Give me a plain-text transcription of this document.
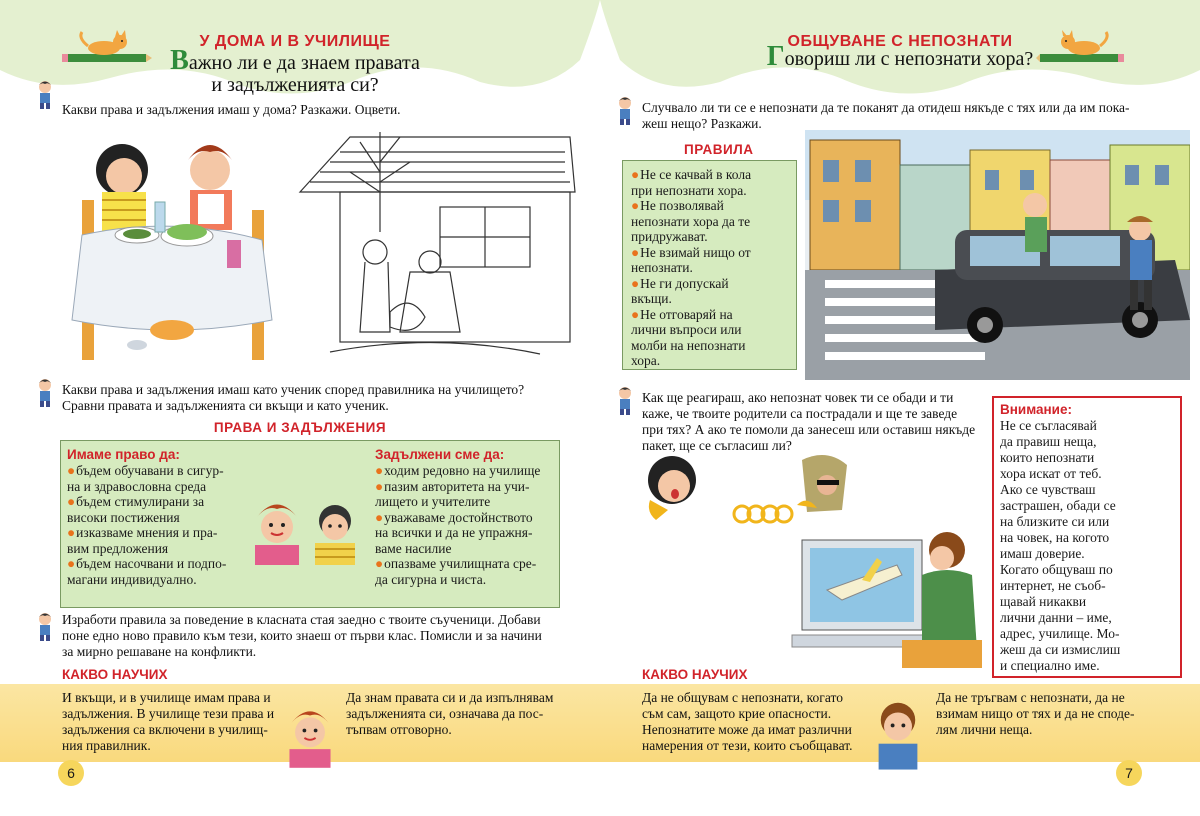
У ДОМА И В УЧИЛИЩЕ
Важно ли е да знаем правата
и задълженията си?
Какви права и задължения имаш у дома? Разкажи. Оцвети.
Какви права и задължения имаш като ученик според правилника на училището?
Сравни правата и задълженията си вкъщи и като ученик.
ПРАВА И ЗАДЪЛЖЕНИЯ
Имаме право да:
●бъдем обучавани в сигур-
на и здравословна среда
●бъдем стимулирани за
високи постижения
●изказваме мнения и пра-
вим предложения
●бъдем насочвани и подпо-
магани индивидуално.
Задължени сме да:
●ходим редовно на училище
●пазим авторитета на учи-
лището и учителите
●уважаваме достойнството
на всички и да не упражня-
ваме насилие
●опазваме училищната сре-
да сигурна и чиста.
Изработи правила за поведение в класната стая заедно с твоите съученици. Добави
поне едно ново правило към тези, които знаеш от първи клас. Помисли и за начини
за мирно решаване на конфликти.
КАКВО НАУЧИХ
И вкъщи, и в училище имам права и
задължения. В училище тези права и
задължения са включени в училищ-
ния правилник.
Да знам правата си и да изпълнявам
задълженията си, означава да пос-
тъпвам отговорно.
6
ОБЩУВАНЕ С НЕПОЗНАТИ
Говориш ли с непознати хора?
Случвало ли ти се е непознати да те поканят да отидеш някъде с тях или да им пока-
жеш нещо? Разкажи.
ПРАВИЛА
●Не се качвай в кола
при непознати хора.
●Не позволявай
непознати хора да те
придружават.
●Не взимай нищо от
непознати.
●Не ги допускай
вкъщи.
●Не отговаряй на
лични въпроси или
молби на непознати
хора.
Как ще реагираш, ако непознат човек ти се обади и ти
каже, че твоите родители са пострадали и ще те заведе
при тях? А ако те помоли да занесеш или оставиш някъде
пакет, ще се съгласиш ли?
Внимание:
Не се съгласявай
да правиш неща,
които непознати
хора искат от теб.
Ако се чувстваш
застрашен, обади се
на близките си или
на човек, на когото
имаш доверие.
Когато общуваш по
интернет, не съоб-
щавай никакви
лични данни – име,
адрес, училище. Мо-
жеш да си измислиш
и специално име.
КАКВО НАУЧИХ
Да не общувам с непознати, когато
съм сам, защото крие опасности.
Непознатите може да имат различни
намерения от тези, които съобщават.
Да не тръгвам с непознати, да не
взимам нищо от тях и да не споде-
лям лични неща.
7
